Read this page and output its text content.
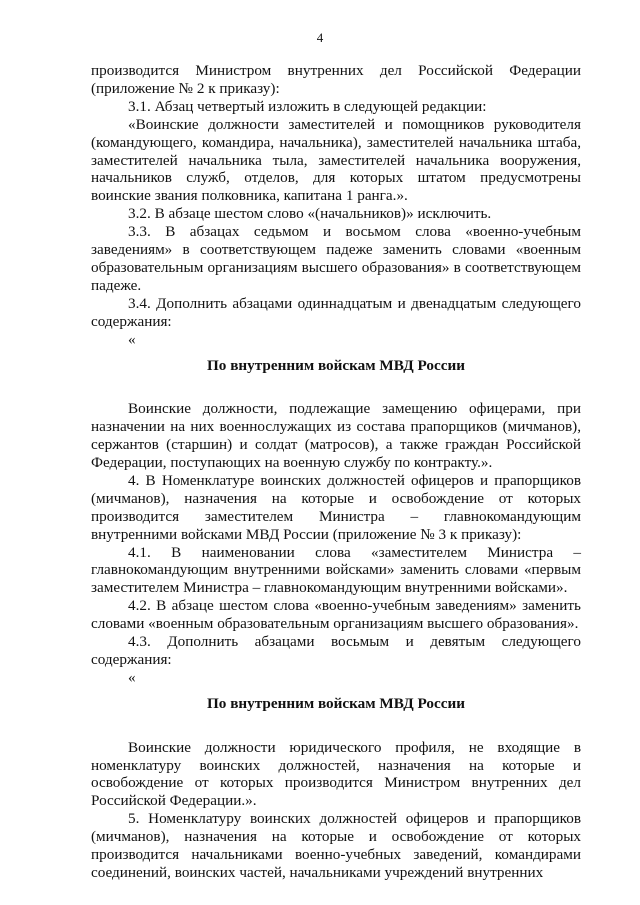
4

производится Министром внутренних дел Российской Федерации (приложение № 2 к приказу):

3.1. Абзац четвертый изложить в следующей редакции:

«Воинские должности заместителей и помощников руководителя (командующего, командира, начальника), заместителей начальника штаба, заместителей начальника тыла, заместителей начальника вооружения, начальников служб, отделов, для которых штатом предусмотрены воинские звания полковника, капитана 1 ранга.».

3.2. В абзаце шестом слово «(начальников)» исключить.

3.3. В абзацах седьмом и восьмом слова «военно-учебным заведениям» в соответствующем падеже заменить словами «военным образовательным организациям высшего образования» в соответствующем падеже.

3.4. Дополнить абзацами одиннадцатым и двенадцатым следующего содержания:

«

По внутренним войскам МВД России

Воинские должности, подлежащие замещению офицерами, при назначении на них военнослужащих из состава прапорщиков (мичманов), сержантов (старшин) и солдат (матросов), а также граждан Российской Федерации, поступающих на военную службу по контракту.».

4. В Номенклатуре воинских должностей офицеров и прапорщиков (мичманов), назначения на которые и освобождение от которых производится заместителем Министра – главнокомандующим внутренними войсками МВД России (приложение № 3 к приказу):

4.1. В наименовании слова «заместителем Министра – главнокомандующим внутренними войсками» заменить словами «первым заместителем Министра – главнокомандующим внутренними войсками».

4.2. В абзаце шестом слова «военно-учебным заведениям» заменить словами «военным образовательным организациям высшего образования».

4.3. Дополнить абзацами восьмым и девятым следующего содержания:

«

По внутренним войскам МВД России

Воинские должности юридического профиля, не входящие в номенклатуру воинских должностей, назначения на которые и освобождение от которых производится Министром внутренних дел Российской Федерации.».

5. Номенклатуру воинских должностей офицеров и прапорщиков (мичманов), назначения на которые и освобождение от которых производится начальниками военно-учебных заведений, командирами соединений, воинских частей, начальниками учреждений внутренних
